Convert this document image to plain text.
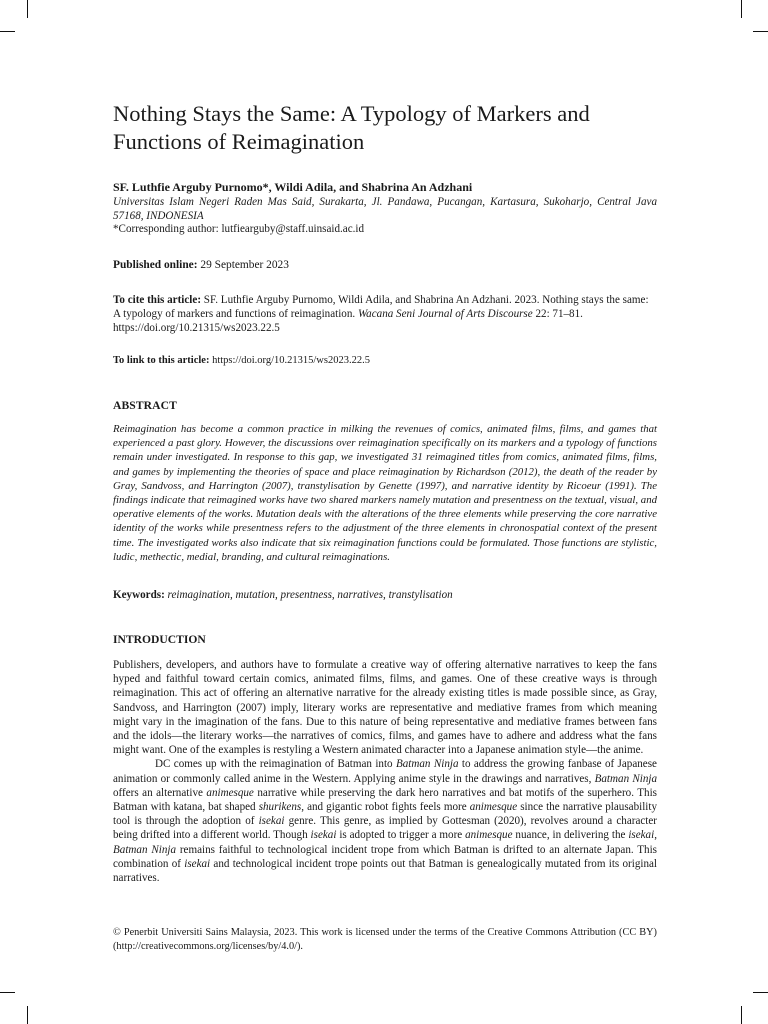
Nothing Stays the Same: A Typology of Markers and Functions of Reimagination
SF. Luthfie Arguby Purnomo*, Wildi Adila, and Shabrina An Adzhani
Universitas Islam Negeri Raden Mas Said, Surakarta, Jl. Pandawa, Pucangan, Kartasura, Sukoharjo, Central Java 57168, INDONESIA
*Corresponding author: lutfiearguby@staff.uinsaid.ac.id
Published online: 29 September 2023
To cite this article: SF. Luthfie Arguby Purnomo, Wildi Adila, and Shabrina An Adzhani. 2023. Nothing stays the same: A typology of markers and functions of reimagination. Wacana Seni Journal of Arts Discourse 22: 71–81. https://doi.org/10.21315/ws2023.22.5
To link to this article: https://doi.org/10.21315/ws2023.22.5
ABSTRACT
Reimagination has become a common practice in milking the revenues of comics, animated films, films, and games that experienced a past glory. However, the discussions over reimagination specifically on its markers and a typology of functions remain under investigated. In response to this gap, we investigated 31 reimagined titles from comics, animated films, films, and games by implementing the theories of space and place reimagination by Richardson (2012), the death of the reader by Gray, Sandvoss, and Harrington (2007), transtylisation by Genette (1997), and narrative identity by Ricoeur (1991). The findings indicate that reimagined works have two shared markers namely mutation and presentness on the textual, visual, and operative elements of the works. Mutation deals with the alterations of the three elements while preserving the core narrative identity of the works while presentness refers to the adjustment of the three elements in chronospatial context of the present time. The investigated works also indicate that six reimagination functions could be formulated. Those functions are stylistic, ludic, methectic, medial, branding, and cultural reimaginations.
Keywords: reimagination, mutation, presentness, narratives, transtylisation
INTRODUCTION

Publishers, developers, and authors have to formulate a creative way of offering alternative narratives to keep the fans hyped and faithful toward certain comics, animated films, films, and games. One of these creative ways is through reimagination. This act of offering an alternative narrative for the already existing titles is made possible since, as Gray, Sandvoss, and Harrington (2007) imply, literary works are representative and mediative frames from which meaning might vary in the imagination of the fans. Due to this nature of being representative and mediative frames between fans and the idols—the literary works—the narratives of comics, films, and games have to adhere and address what the fans might want. One of the examples is restyling a Western animated character into a Japanese animation style—the anime.

DC comes up with the reimagination of Batman into Batman Ninja to address the growing fanbase of Japanese animation or commonly called anime in the Western. Applying anime style in the drawings and narratives, Batman Ninja offers an alternative animesque narrative while preserving the dark hero narratives and bat motifs of the superhero. This Batman with katana, bat shaped shurikens, and gigantic robot fights feels more animesque since the narrative plausability tool is through the adoption of isekai genre. This genre, as implied by Gottesman (2020), revolves around a character being drifted into a different world. Though isekai is adopted to trigger a more animesque nuance, in delivering the isekai, Batman Ninja remains faithful to technological incident trope from which Batman is drifted to an alternate Japan. This combination of isekai and technological incident trope points out that Batman is genealogically mutated from its original narratives.

© Penerbit Universiti Sains Malaysia, 2023. This work is licensed under the terms of the Creative Commons Attribution (CC BY) (http://creativecommons.org/licenses/by/4.0/).
